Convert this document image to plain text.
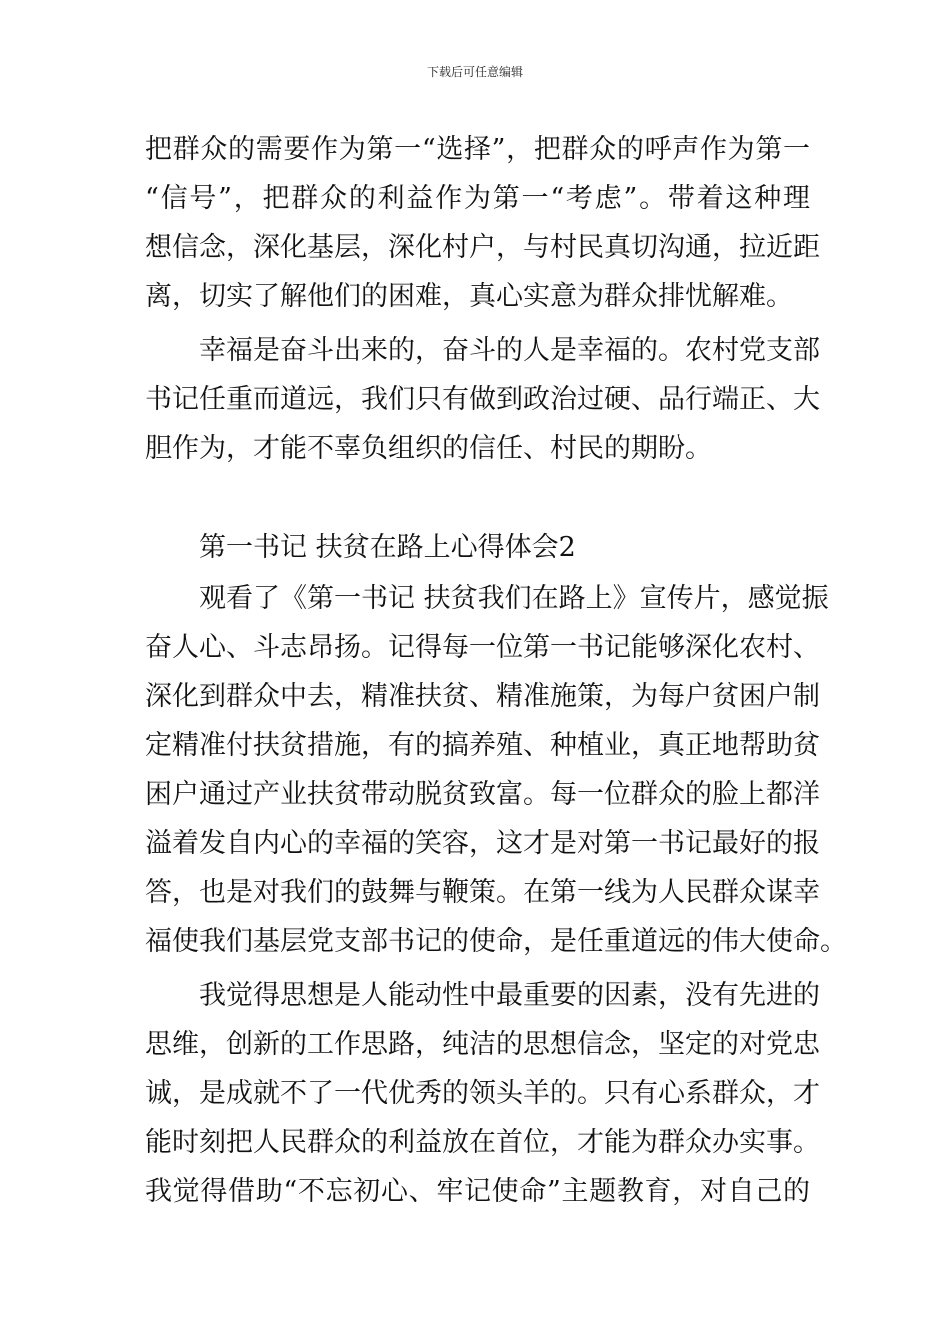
下载后可任意编辑
把群众的需要作为第一“选择”，把群众的呼声作为第一
“信号”，把群众的利益作为第一“考虑”。带着这种理
想信念，深化基层，深化村户，与村民真切沟通，拉近距
离，切实了解他们的困难，真心实意为群众排忧解难。
　　幸福是奋斗出来的，奋斗的人是幸福的。农村党支部
书记任重而道远，我们只有做到政治过硬、品行端正、大
胆作为，才能不辜负组织的信任、村民的期盼。
　　第一书记 扶贫在路上心得体会2
　　观看了《第一书记 扶贫我们在路上》宣传片，感觉振
奋人心、斗志昂扬。记得每一位第一书记能够深化农村、
深化到群众中去，精准扶贫、精准施策，为每户贫困户制
定精准付扶贫措施，有的搞养殖、种植业，真正地帮助贫
困户通过产业扶贫带动脱贫致富。每一位群众的脸上都洋
溢着发自内心的幸福的笑容，这才是对第一书记最好的报
答，也是对我们的鼓舞与鞭策。在第一线为人民群众谋幸
福使我们基层党支部书记的使命，是任重道远的伟大使命。
　　我觉得思想是人能动性中最重要的因素，没有先进的
思维，创新的工作思路，纯洁的思想信念，坚定的对党忠
诚，是成就不了一代优秀的领头羊的。只有心系群众，才
能时刻把人民群众的利益放在首位，才能为群众办实事。
我觉得借助“不忘初心、牢记使命”主题教育，对自己的
